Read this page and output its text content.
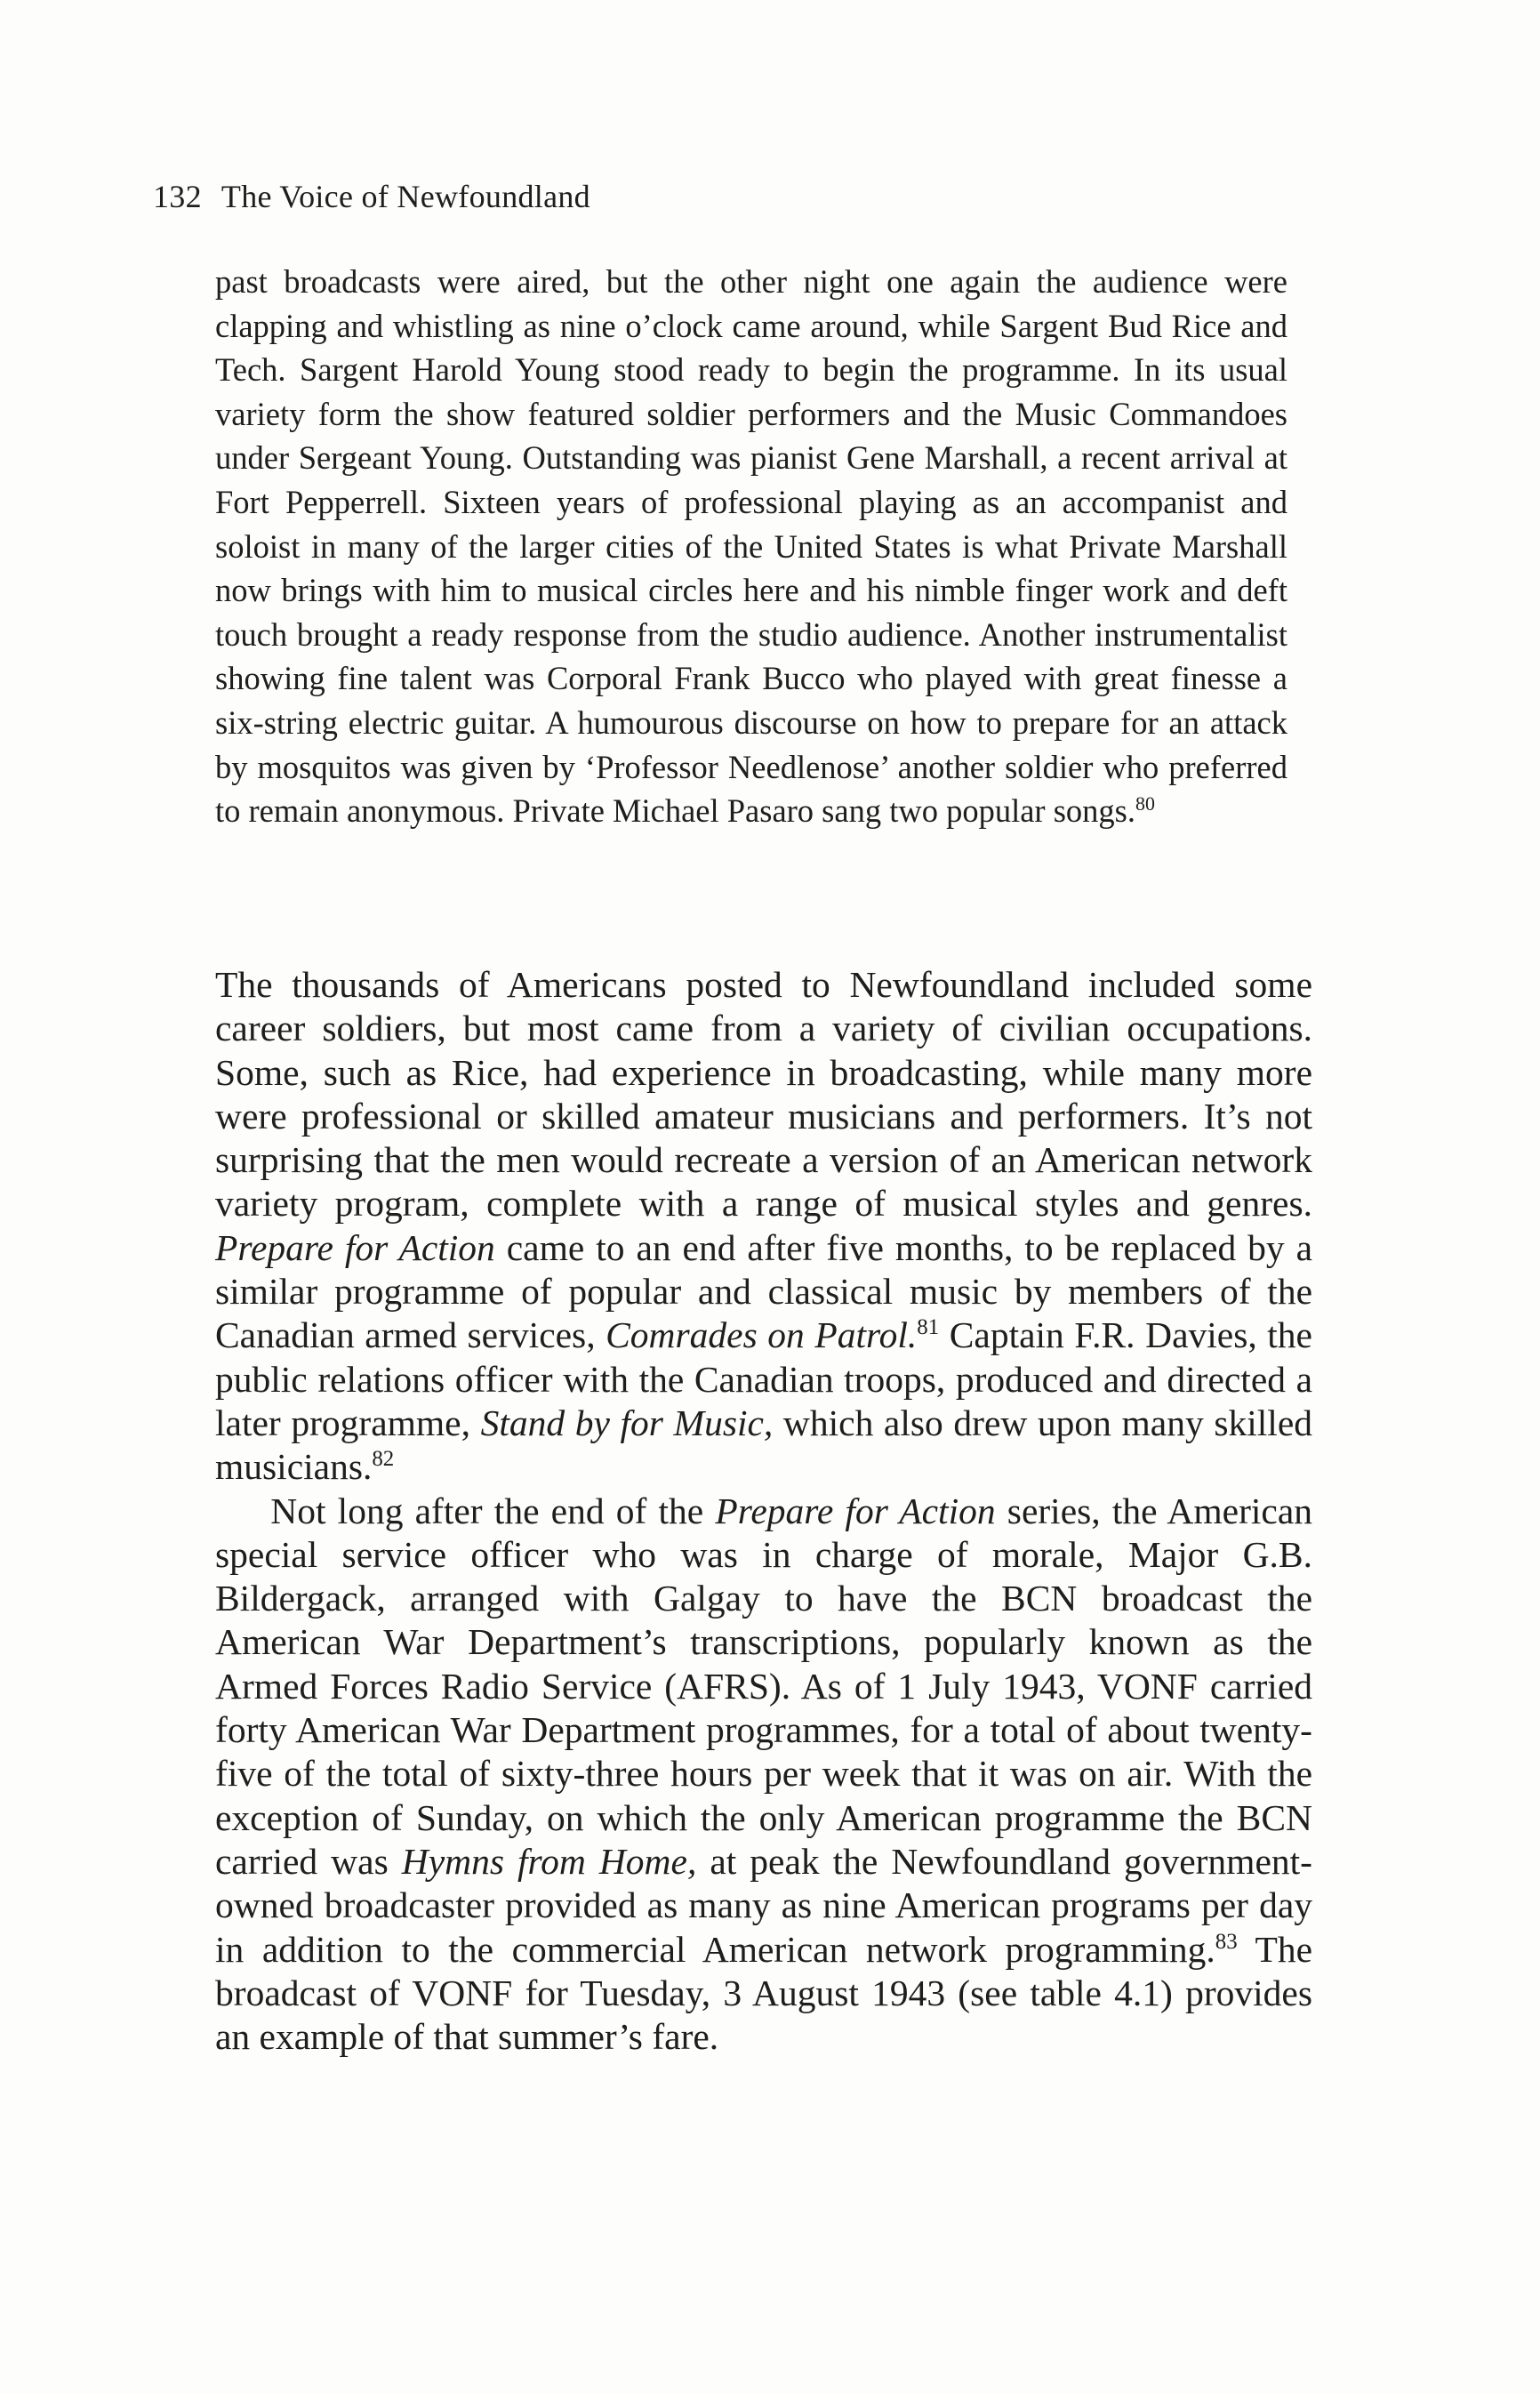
132 The Voice of Newfoundland

past broadcasts were aired, but the other night one again the audience were clapping and whistling as nine o’clock came around, while Sargent Bud Rice and Tech. Sargent Harold Young stood ready to begin the programme. In its usual variety form the show featured soldier performers and the Music Commandoes under Sergeant Young. Outstanding was pianist Gene Marshall, a recent arrival at Fort Pepperrell. Sixteen years of professional playing as an accompanist and soloist in many of the larger cities of the United States is what Private Marshall now brings with him to musical circles here and his nimble finger work and deft touch brought a ready response from the studio audience. Another instrumentalist showing fine talent was Corporal Frank Bucco who played with great finesse a six-string electric guitar. A humourous discourse on how to prepare for an attack by mosquitos was given by ‘Professor Needlenose’ another soldier who preferred to remain anonymous. Private Michael Pasaro sang two popular songs.$^{80}$

The thousands of Americans posted to Newfoundland included some career soldiers, but most came from a variety of civilian occupations. Some, such as Rice, had experience in broadcasting, while many more were professional or skilled amateur musicians and performers. It’s not surprising that the men would recreate a version of an American network variety program, complete with a range of musical styles and genres. Prepare for Action came to an end after five months, to be replaced by a similar programme of popular and classical music by members of the Canadian armed services, Comrades on Patrol.$^{81}$ Captain F.R. Davies, the public relations officer with the Canadian troops, produced and directed a later programme, Stand by for Music, which also drew upon many skilled musicians.$^{82}$

  Not long after the end of the Prepare for Action series, the American special service officer who was in charge of morale, Major G.B. Bildergack, arranged with Galgay to have the BCN broadcast the American War Department’s transcriptions, popularly known as the Armed Forces Radio Service (AFRS). As of 1 July 1943, VONF carried forty American War Department programmes, for a total of about twenty-five of the total of sixty-three hours per week that it was on air. With the exception of Sunday, on which the only American programme the BCN carried was Hymns from Home, at peak the Newfoundland government-owned broadcaster provided as many as nine American programs per day in addition to the commercial American network programming.$^{83}$ The broadcast of VONF for Tuesday, 3 August 1943 (see table 4.1) provides an example of that summer’s fare.
